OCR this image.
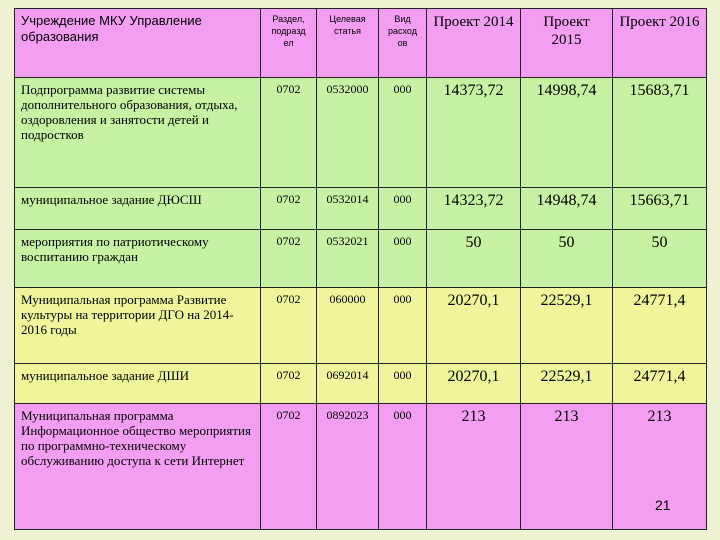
Учреждение МКУ Управление образования	Раздел, подразд ел	Целевая статья	Вид расход ов	Проект 2014	Проект 2015	Проект 2016
Подпрограмма развитие системы дополнительного образования, отдыха, оздоровления и занятости детей и подростков	0702	0532000	000	14373,72	14998,74	15683,71
муниципальное задание ДЮСШ	0702	0532014	000	14323,72	14948,74	15663,71
мероприятия по патриотическому воспитанию граждан	0702	0532021	000	50	50	50
Муниципальная программа Развитие культуры на территории ДГО на 2014-2016 годы	0702	060000	000	20270,1	22529,1	24771,4
муниципальное задание ДШИ	0702	0692014	000	20270,1	22529,1	24771,4
Муниципальная программа Информационное общество мероприятия по программно-техническому обслуживанию доступа к сети Интернет	0702	0892023	000	213	213	213
21
